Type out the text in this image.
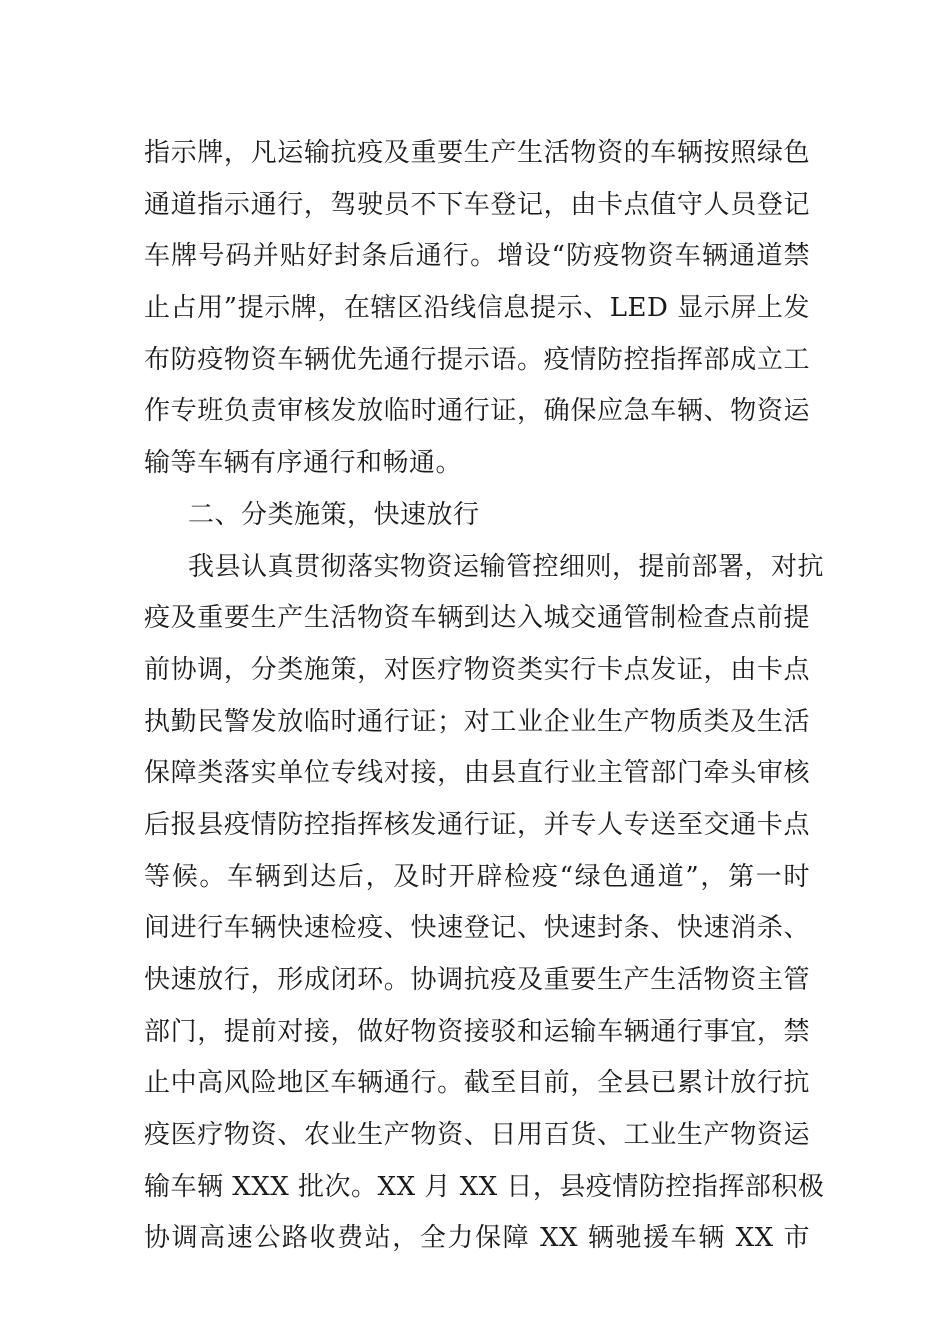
指示牌，凡运输抗疫及重要生产生活物资的车辆按照绿色
通道指示通行，驾驶员不下车登记，由卡点值守人员登记
车牌号码并贴好封条后通行。增设“防疫物资车辆通道禁
止占用”提示牌，在辖区沿线信息提示、LED 显示屏上发
布防疫物资车辆优先通行提示语。疫情防控指挥部成立工
作专班负责审核发放临时通行证，确保应急车辆、物资运
输等车辆有序通行和畅通。
二、分类施策，快速放行
我县认真贯彻落实物资运输管控细则，提前部署，对抗
疫及重要生产生活物资车辆到达入城交通管制检查点前提
前协调，分类施策，对医疗物资类实行卡点发证，由卡点
执勤民警发放临时通行证；对工业企业生产物质类及生活
保障类落实单位专线对接，由县直行业主管部门牵头审核
后报县疫情防控指挥核发通行证，并专人专送至交通卡点
等候。车辆到达后，及时开辟检疫“绿色通道”，第一时
间进行车辆快速检疫、快速登记、快速封条、快速消杀、
快速放行，形成闭环。协调抗疫及重要生产生活物资主管
部门，提前对接，做好物资接驳和运输车辆通行事宜，禁
止中高风险地区车辆通行。截至目前，全县已累计放行抗
疫医疗物资、农业生产物资、日用百货、工业生产物资运
输车辆 XXX 批次。XX 月 XX 日，县疫情防控指挥部积极
协调高速公路收费站，全力保障 XX 辆驰援车辆 XX 市
